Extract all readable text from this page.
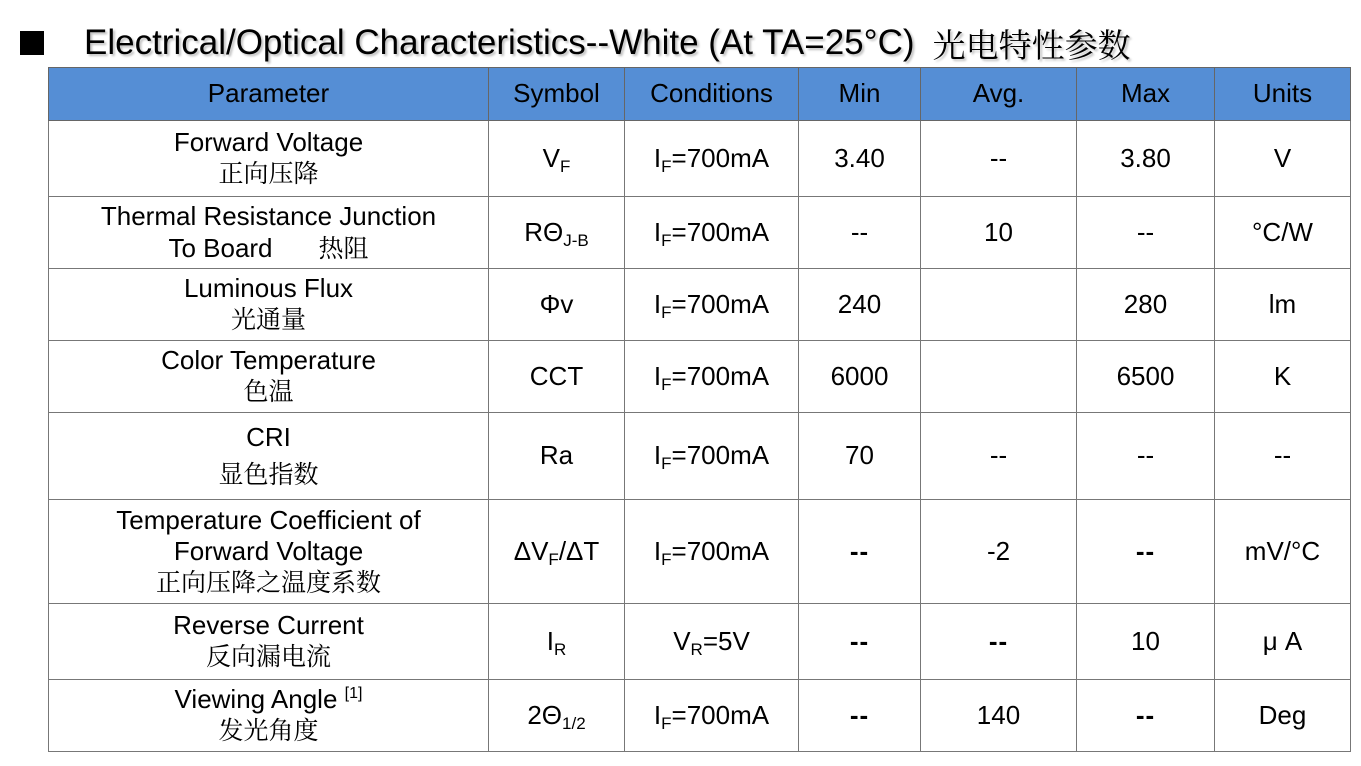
Electrical/Optical Characteristics--White (At TA=25°C) 光电特性参数
Parameter	Symbol	Conditions	Min	Avg.	Max	Units

Forward Voltage
正向压降	$V_F$	$I_F=700mA$	3.40	--	3.80	V

Thermal Resistance Junction
To Board 热阻	$R\Theta_{J-B}$	$I_F=700mA$	--	10	--	°C/W

Luminous Flux
光通量	Φv	$I_F=700mA$	240		280	lm

Color Temperature
色温	CCT	$I_F=700mA$	6000		6500	K

CRI
显色指数	Ra	$I_F=700mA$	70	--	--	--

Temperature Coefficient of
Forward Voltage
正向压降之温度系数	$\Delta V_F/\Delta T$	$I_F=700mA$	--	-2	--	mV/°C

Reverse Current
反向漏电流	$I_R$	$V_R=5V$	--	--	10	μ A

Viewing Angle [1]
发光角度	$2\Theta_{1/2}$	$I_F=700mA$	--	140	--	Deg
